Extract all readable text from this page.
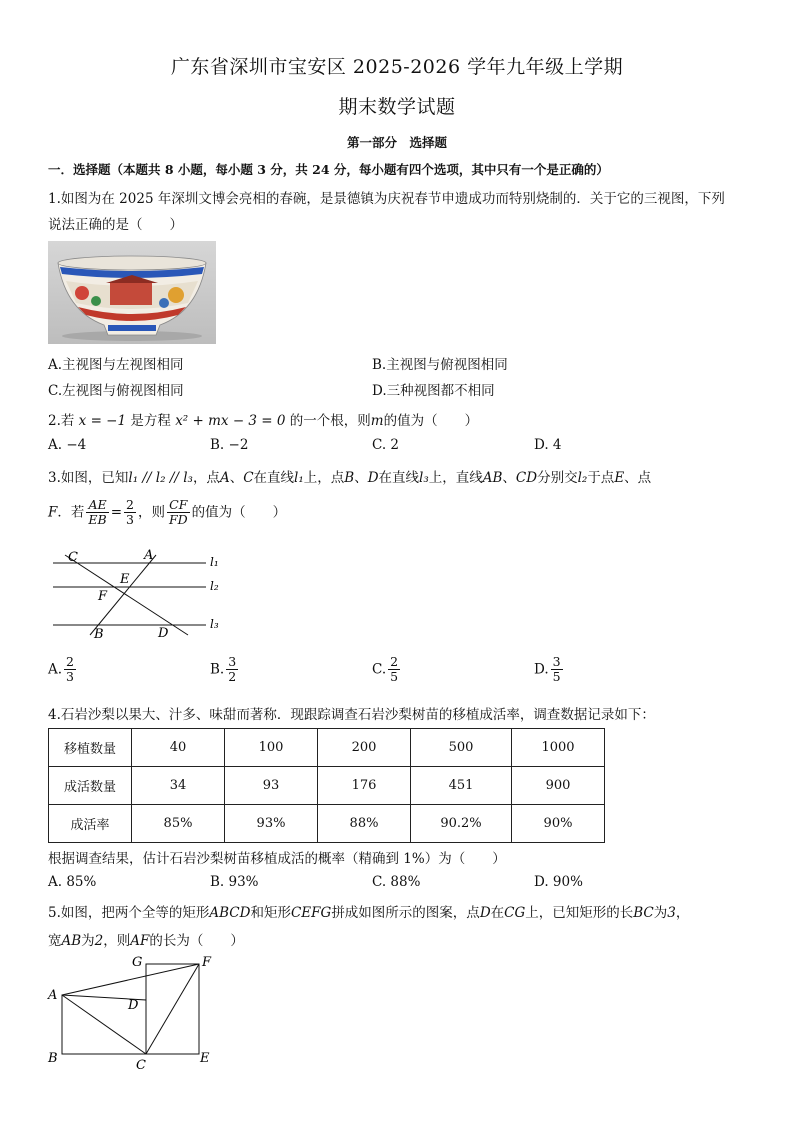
广东省深圳市宝安区 2025-2026 学年九年级上学期
期末数学试题
第一部分　选择题
一．选择题（本题共 8 小题，每小题 3 分，共 24 分，每小题有四个选项，其中只有一个是正确的）
1.如图为在 2025 年深圳文博会亮相的春碗，是景德镇为庆祝春节申遗成功而特别烧制的．关于它的三视图，下列
说法正确的是（　　）
A.主视图与左视图相同	B.主视图与俯视图相同
C.左视图与俯视图相同	D.三种视图都不相同
2.若 x = −1 是方程 x² + mx − 3 = 0 的一个根，则m的值为（　　）
A. −4	B. −2	C. 2	D. 4
3.如图，已知l₁ // l₂ // l₃，点A、C在直线l₁上，点B、D在直线l₃上，直线AB、CD分别交l₂于点E、点
F．若 $\frac{AE}{EB} = \frac{2}{3}$ ，则 $\frac{CF}{FD}$ 的值为（　　）
C	A
E
F
B	D
l₁
l₂
l₃
A. $\frac{2}{3}$	B. $\frac{3}{2}$	C. $\frac{2}{5}$	D. $\frac{3}{5}$
4.石岩沙梨以果大、汁多、味甜而著称．现跟踪调查石岩沙梨树苗的移植成活率，调查数据记录如下：
移植数量	40	100	200	500	1000
成活数量	34	93	176	451	900
成活率	85%	93%	88%	90.2%	90%
根据调查结果，估计石岩沙梨树苗移植成活的概率（精确到 1%）为（　　）
A. 85%	B. 93%	C. 88%	D. 90%
5.如图，把两个全等的矩形ABCD和矩形CEFG拼成如图所示的图案，点D在CG上，已知矩形的长BC为3，
宽AB为2，则AF的长为（　　）
G	F
A
D
B	C	E
